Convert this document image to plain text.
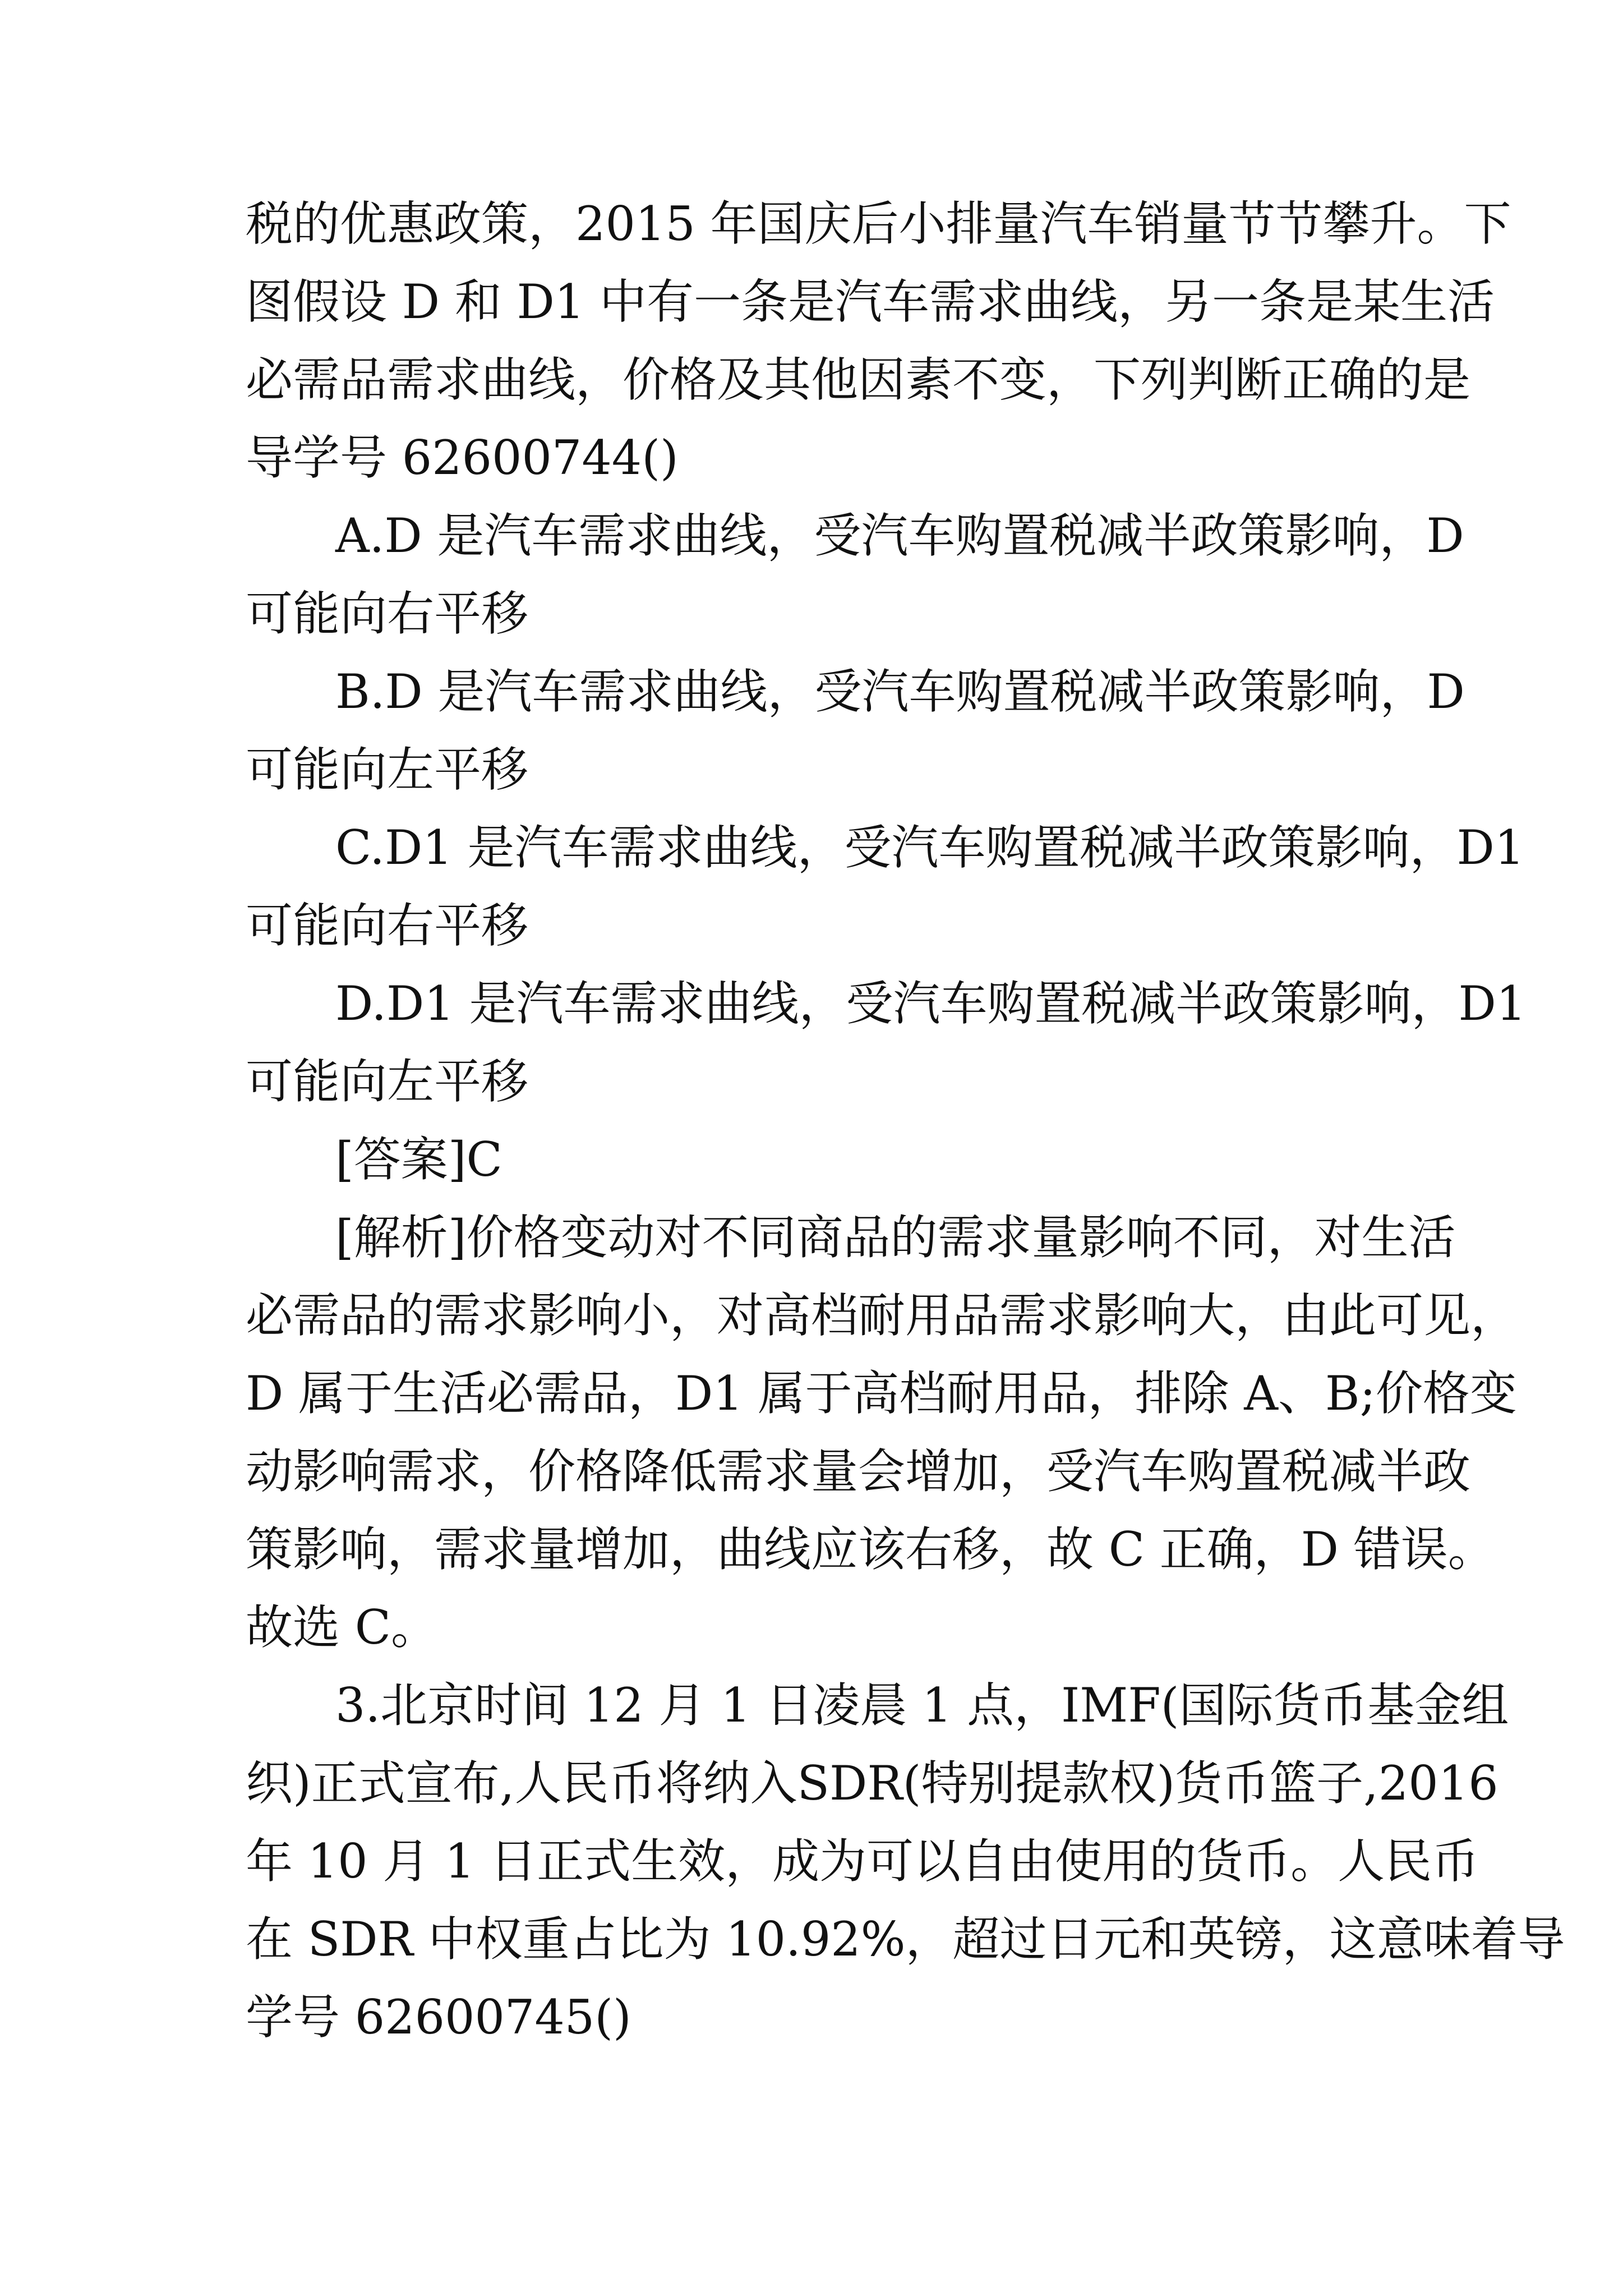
税的优惠政策，2015 年国庆后小排量汽车销量节节攀升。下
图假设 D 和 D1 中有一条是汽车需求曲线，另一条是某生活
必需品需求曲线，价格及其他因素不变，下列判断正确的是
导学号 62600744()
A.D 是汽车需求曲线，受汽车购置税减半政策影响，D
可能向右平移
B.D 是汽车需求曲线，受汽车购置税减半政策影响，D
可能向左平移
C.D1 是汽车需求曲线，受汽车购置税减半政策影响，D1
可能向右平移
D.D1 是汽车需求曲线，受汽车购置税减半政策影响，D1
可能向左平移
[答案]C
[解析]价格变动对不同商品的需求量影响不同，对生活
必需品的需求影响小，对高档耐用品需求影响大，由此可见，
D 属于生活必需品，D1 属于高档耐用品，排除 A、B;价格变
动影响需求，价格降低需求量会增加，受汽车购置税减半政
策影响，需求量增加，曲线应该右移，故 C 正确，D 错误。
故选 C。
3.北京时间 12 月 1 日凌晨 1 点，IMF(国际货币基金组
织)正式宣布,人民币将纳入SDR(特别提款权)货币篮子,2016
年 10 月 1 日正式生效，成为可以自由使用的货币。人民币
在 SDR 中权重占比为 10.92%，超过日元和英镑，这意味着导
学号 62600745()
